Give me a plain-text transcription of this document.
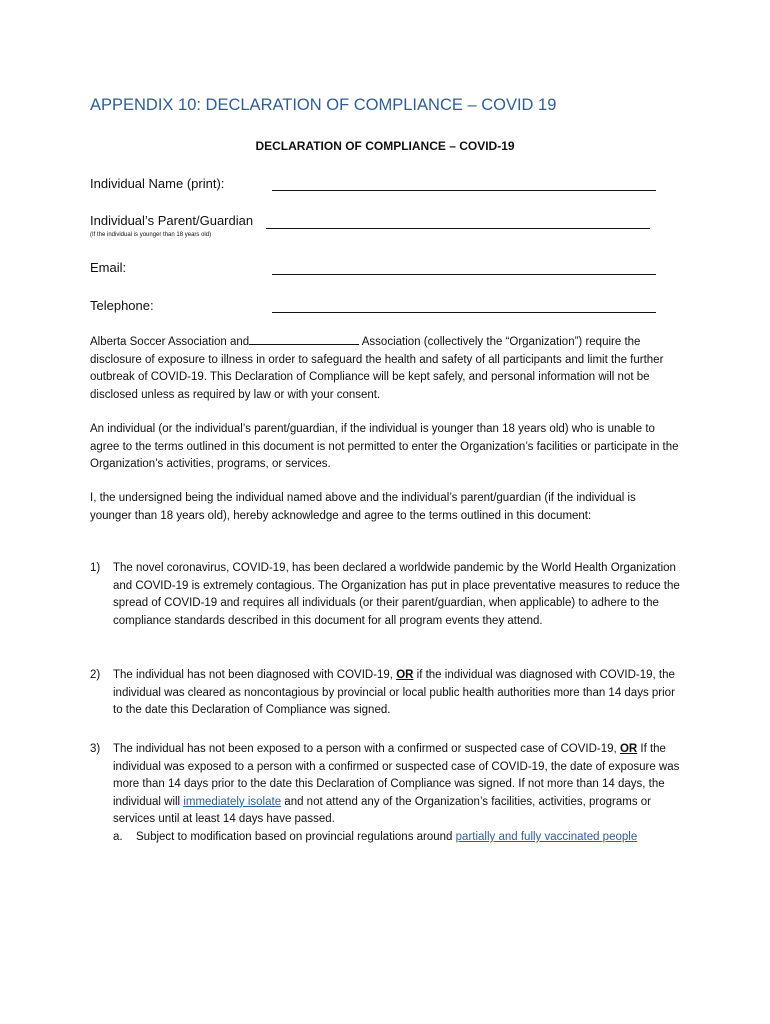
APPENDIX 10: DECLARATION OF COMPLIANCE – COVID 19
DECLARATION OF COMPLIANCE – COVID-19
Individual Name (print):
Individual’s Parent/Guardian
(If the individual is younger than 18 years old)
Email:
Telephone:
Alberta Soccer Association and	Association (collectively the “Organization”) require the disclosure of exposure to illness in order to safeguard the health and safety of all participants and limit the further outbreak of COVID-19. This Declaration of Compliance will be kept safely, and personal information will not be disclosed unless as required by law or with your consent.
An individual (or the individual’s parent/guardian, if the individual is younger than 18 years old) who is unable to agree to the terms outlined in this document is not permitted to enter the Organization’s facilities or participate in the Organization’s activities, programs, or services.
I, the undersigned being the individual named above and the individual’s parent/guardian (if the individual is younger than 18 years old), hereby acknowledge and agree to the terms outlined in this document:
1) The novel coronavirus, COVID-19, has been declared a worldwide pandemic by the World Health Organization and COVID-19 is extremely contagious. The Organization has put in place preventative measures to reduce the spread of COVID-19 and requires all individuals (or their parent/guardian, when applicable) to adhere to the compliance standards described in this document for all program events they attend.
2) The individual has not been diagnosed with COVID-19, OR if the individual was diagnosed with COVID-19, the individual was cleared as noncontagious by provincial or local public health authorities more than 14 days prior to the date this Declaration of Compliance was signed.
3) The individual has not been exposed to a person with a confirmed or suspected case of COVID-19, OR If the individual was exposed to a person with a confirmed or suspected case of COVID-19, the date of exposure was more than 14 days prior to the date this Declaration of Compliance was signed. If not more than 14 days, the individual will immediately isolate and not attend any of the Organization’s facilities, activities, programs or services until at least 14 days have passed.
a. Subject to modification based on provincial regulations around partially and fully vaccinated people
